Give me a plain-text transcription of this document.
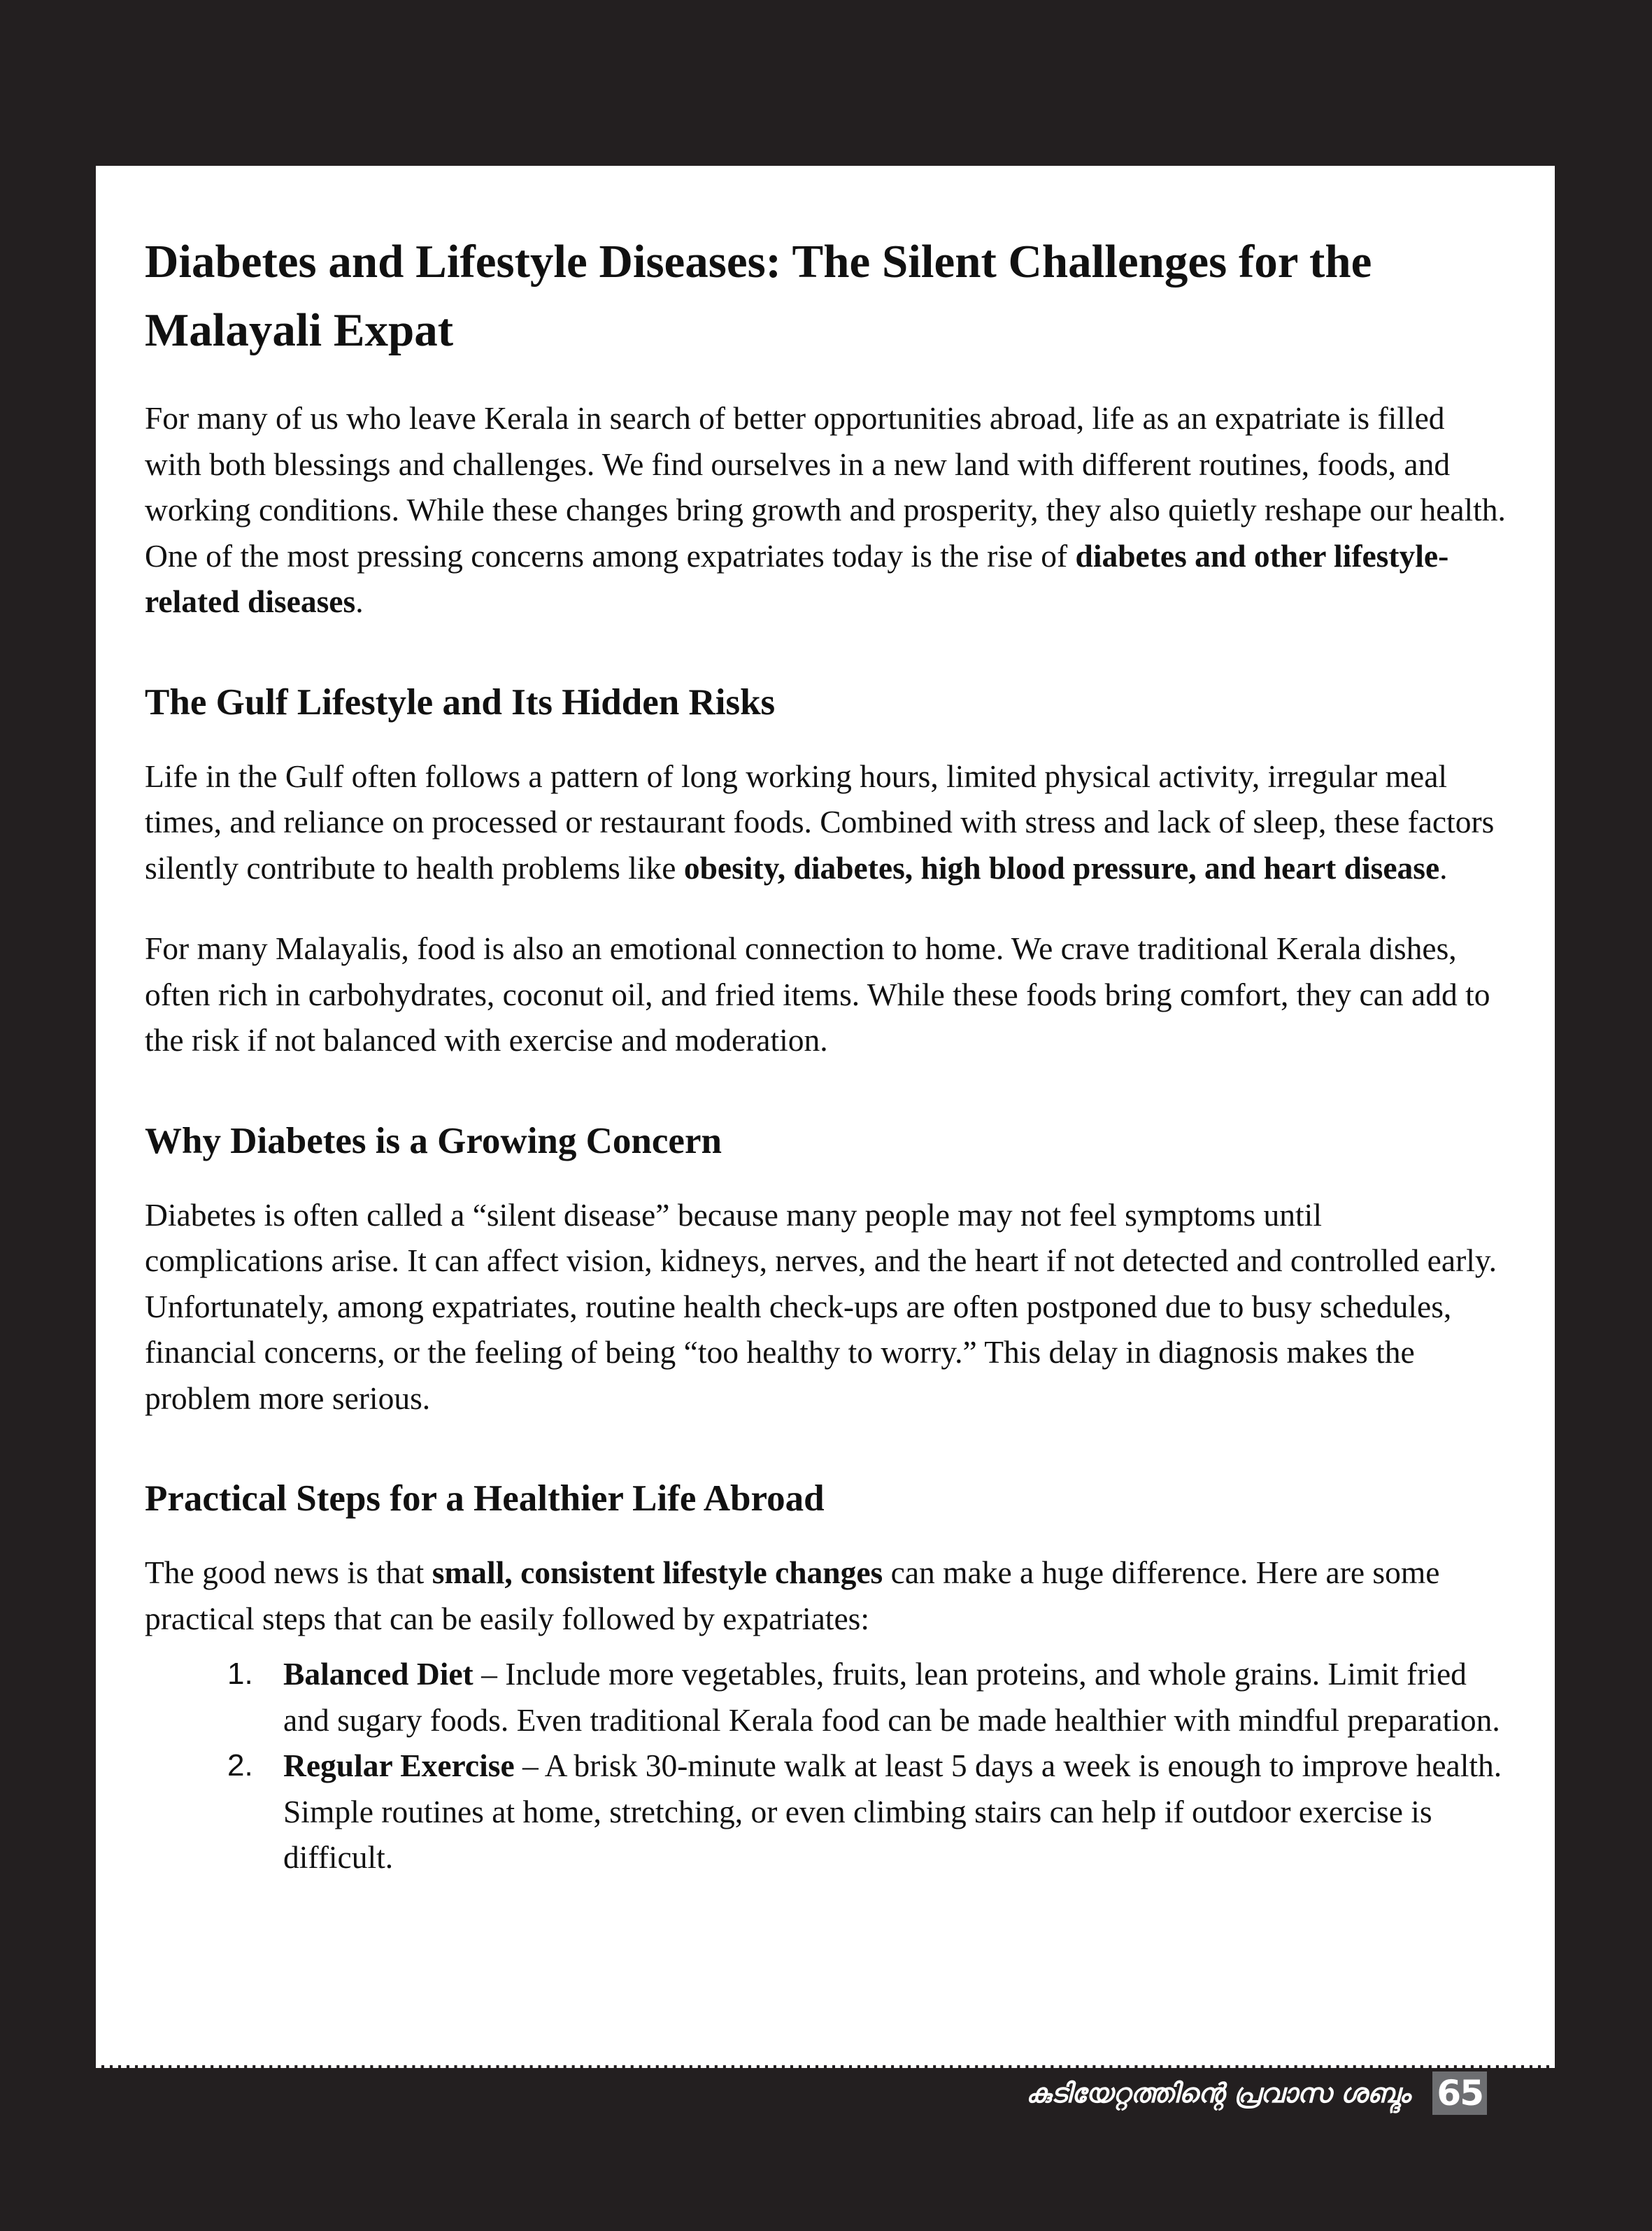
Diabetes and Lifestyle Diseases: The Silent Challenges for the Malayali Expat

For many of us who leave Kerala in search of better opportunities abroad, life as an expatriate is filled with both blessings and challenges. We find ourselves in a new land with different routines, foods, and working conditions. While these changes bring growth and prosperity, they also quietly reshape our health. One of the most pressing concerns among expatriates today is the rise of diabetes and other lifestyle-related diseases.

The Gulf Lifestyle and Its Hidden Risks

Life in the Gulf often follows a pattern of long working hours, limited physical activity, irregular meal times, and reliance on processed or restaurant foods. Combined with stress and lack of sleep, these factors silently contribute to health problems like obesity, diabetes, high blood pressure, and heart disease.

For many Malayalis, food is also an emotional connection to home. We crave traditional Kerala dishes, often rich in carbohydrates, coconut oil, and fried items. While these foods bring comfort, they can add to the risk if not balanced with exercise and moderation.

Why Diabetes is a Growing Concern

Diabetes is often called a “silent disease” because many people may not feel symptoms until complications arise. It can affect vision, kidneys, nerves, and the heart if not detected and controlled early. Unfortunately, among expatriates, routine health check-ups are often postponed due to busy schedules, financial concerns, or the feeling of being “too healthy to worry.” This delay in diagnosis makes the problem more serious.

Practical Steps for a Healthier Life Abroad

The good news is that small, consistent lifestyle changes can make a huge difference. Here are some practical steps that can be easily followed by expatriates:

1. Balanced Diet – Include more vegetables, fruits, lean proteins, and whole grains. Limit fried and sugary foods. Even traditional Kerala food can be made healthier with mindful preparation.
2. Regular Exercise – A brisk 30-minute walk at least 5 days a week is enough to improve health. Simple routines at home, stretching, or even climbing stairs can help if outdoor exercise is difficult.
കുടിയേറ്റത്തിന്റെ പ്രവാസ ശബ്ദം 65
